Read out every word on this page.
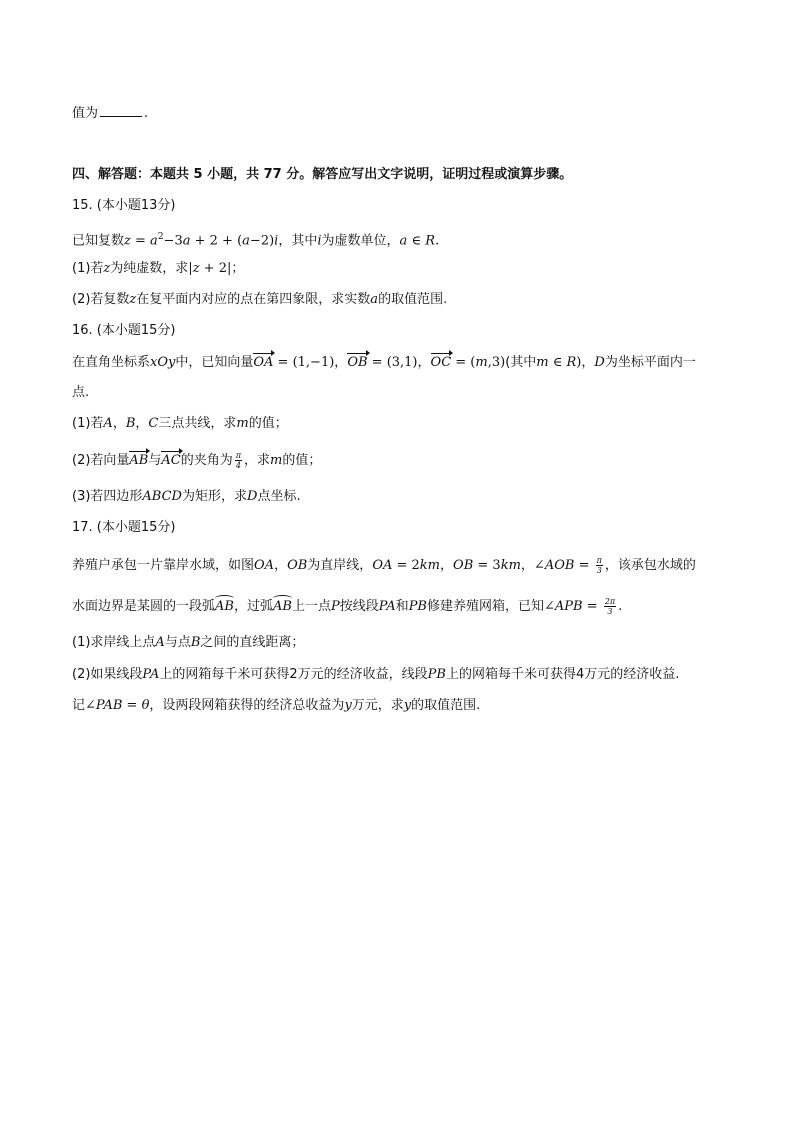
值为	.
四、解答题：本题共 5 小题，共 77 分。解答应写出文字说明，证明过程或演算步骤。
15. (本小题13分)
已知复数$z = a^2-3a + 2 + (a-2)i$，其中i为虚数单位，a ∈ R.
(1)若z为纯虚数，求|z + 2|；
(2)若复数z在复平面内对应的点在第四象限，求实数a的取值范围.
16. (本小题15分)
在直角坐标系xOy中，已知向量OA = (1,−1)，OB = (3,1)，OC = (m,3)(其中m ∈ R)，D为坐标平面内一
点.
(1)若A，B，C三点共线，求m的值；
(2)若向量AB与AC的夹角为 $\frac{\pi}{4}$ ，求m的值；
(3)若四边形ABCD为矩形，求D点坐标.
17. (本小题15分)
养殖户承包一片靠岸水域，如图OA，OB为直岸线，OA = 2km，OB = 3km，∠AOB = $\frac{\pi}{3}$ ，该承包水域的
水面边界是某圆的一段弧AB，过弧AB上一点P按线段PA和PB修建养殖网箱，已知∠APB = $\frac{2\pi}{3}$ .
(1)求岸线上点A与点B之间的直线距离；
(2)如果线段PA上的网箱每千米可获得2万元的经济收益，线段PB上的网箱每千米可获得4万元的经济收益.
记∠PAB = θ，设两段网箱获得的经济总收益为y万元，求y的取值范围.
